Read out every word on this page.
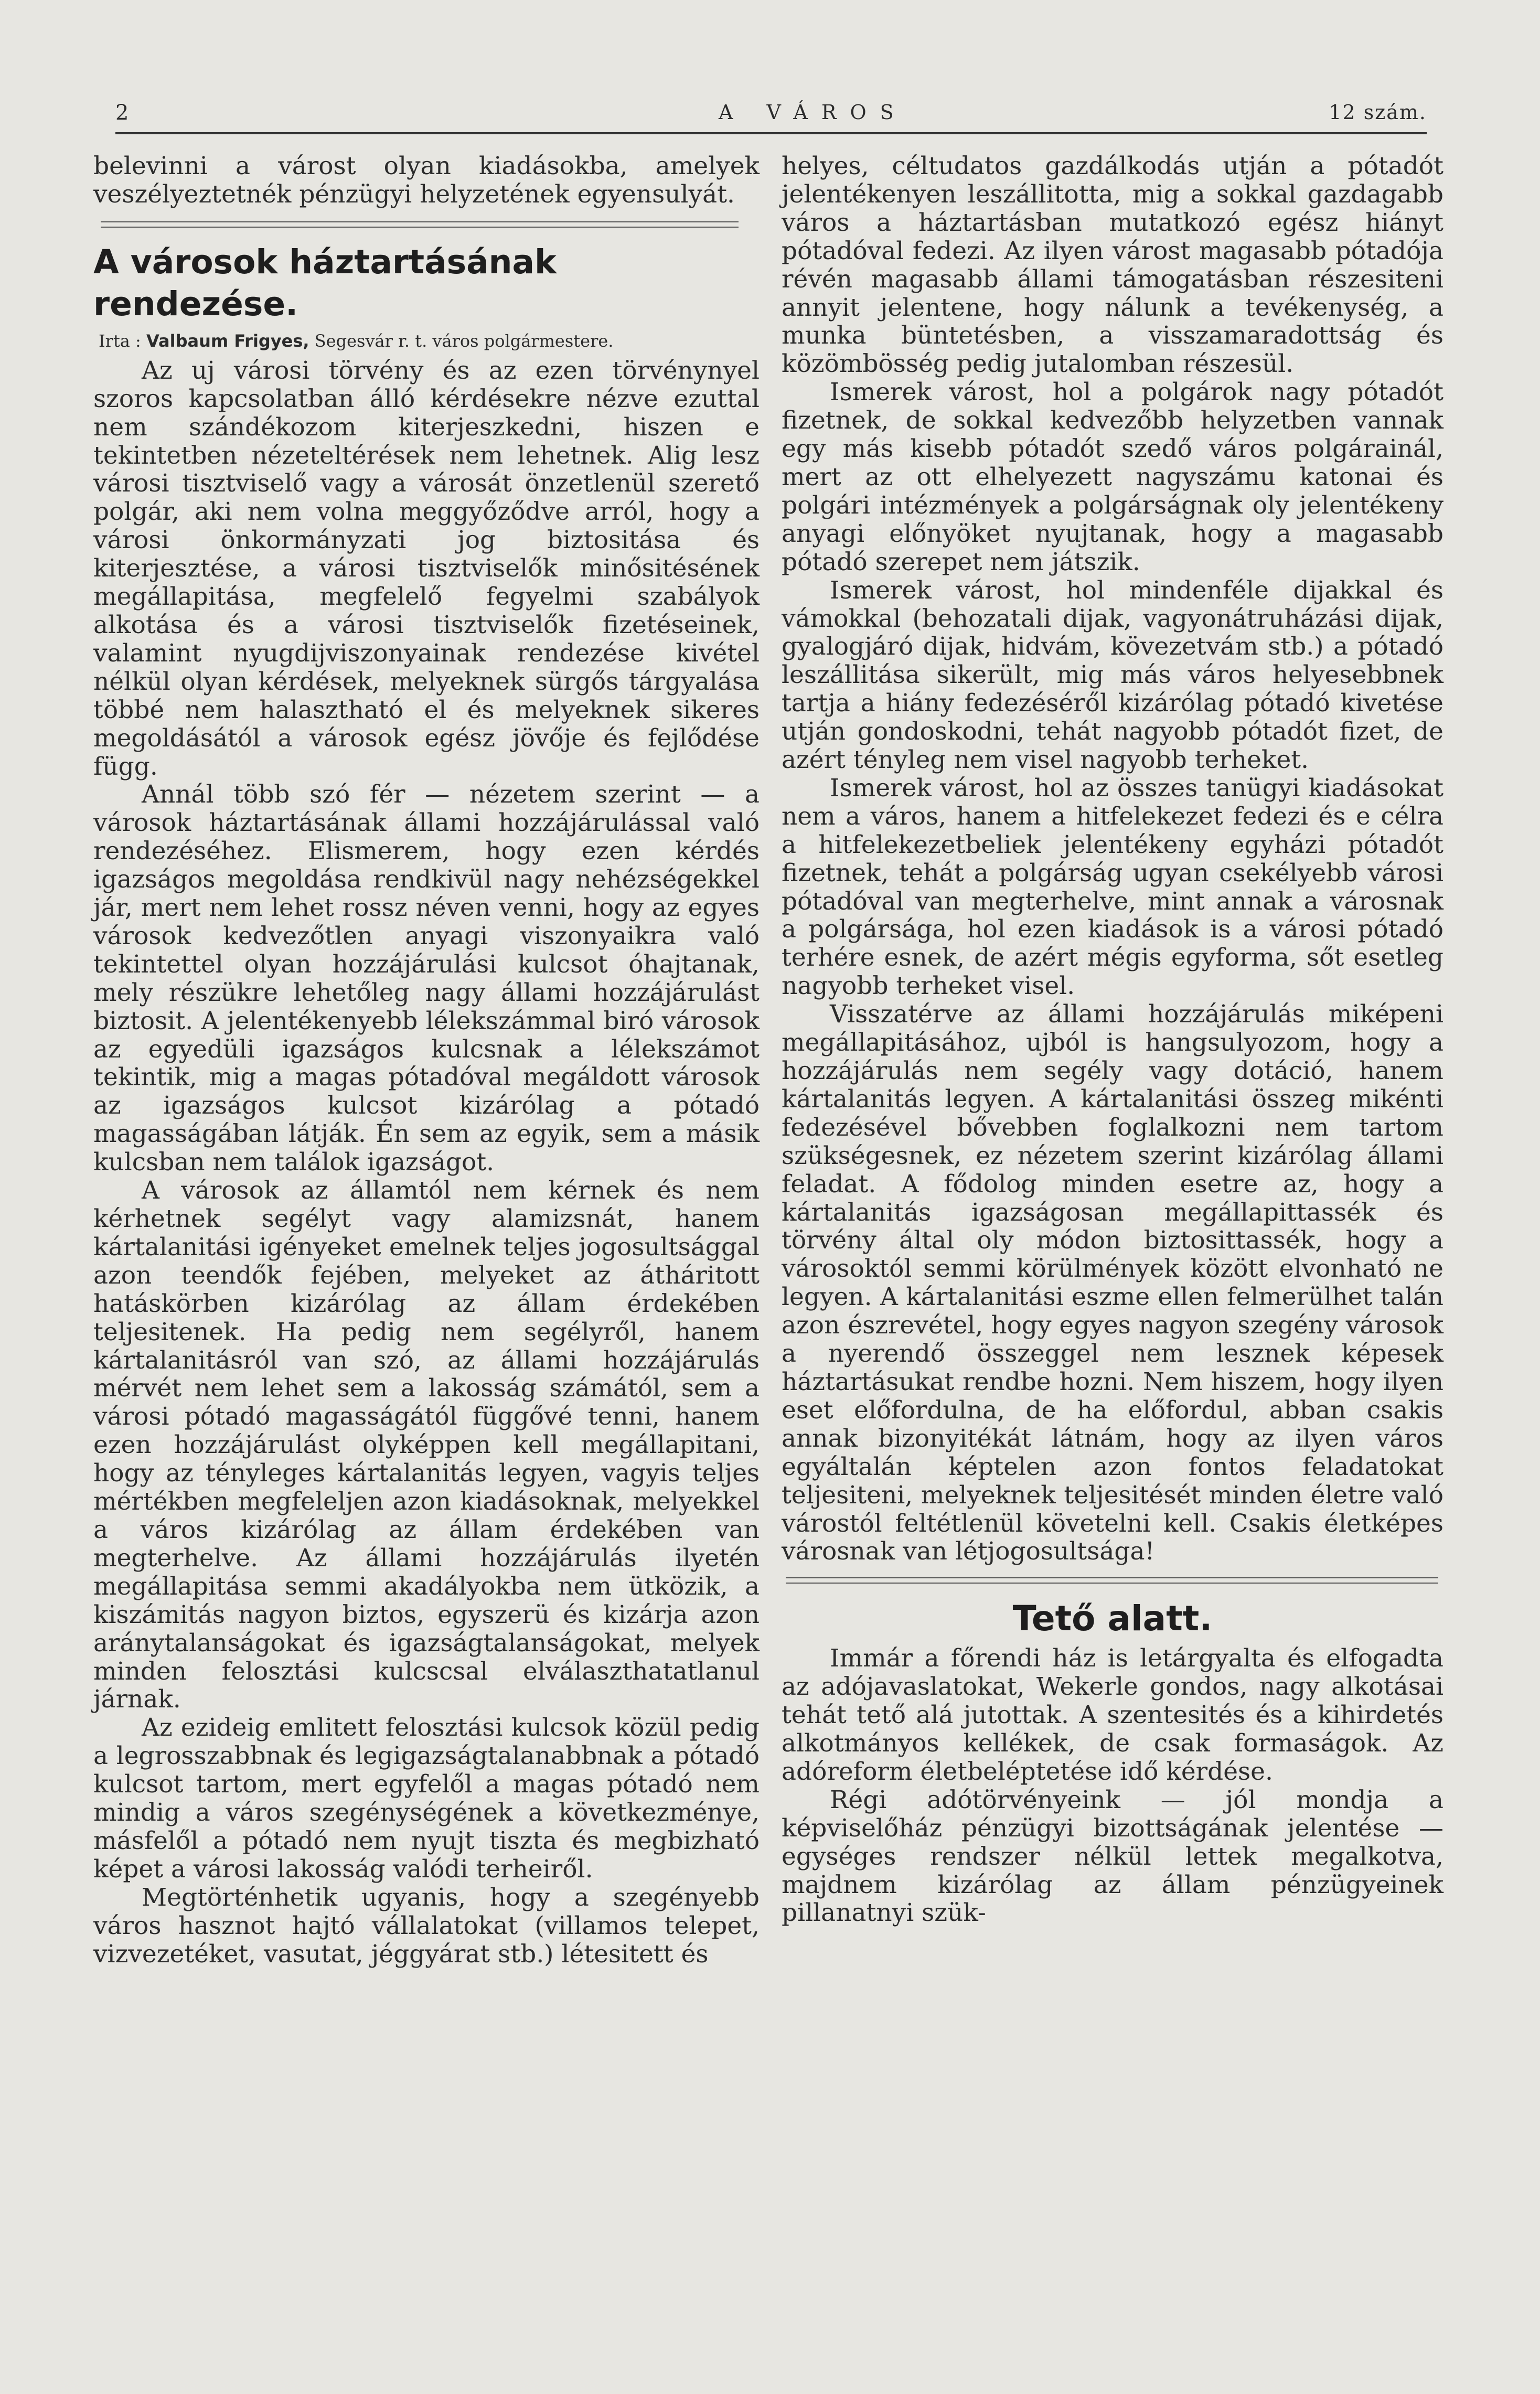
2	A VÁROS	12 szám.

belevinni a várost olyan kiadásokba, amelyek veszélyeztetnék pénzügyi helyzetének egyensulyát.

A városok háztartásának rendezése.
Irta : Valbaum Frigyes, Segesvár r. t. város polgármestere.

Az uj városi törvény és az ezen törvénynyel szoros kapcsolatban álló kérdésekre nézve ezuttal nem szándékozom kiterjeszkedni, hiszen e tekintetben nézeteltérések nem lehetnek. Alig lesz városi tisztviselő vagy a városát önzetlenül szerető polgár, aki nem volna meggyőződve arról, hogy a városi önkormányzati jog biztositása és kiterjesztése, a városi tisztviselők minősitésének megállapitása, megfelelő fegyelmi szabályok alkotása és a városi tisztviselők fizetéseinek, valamint nyugdijviszonyainak rendezése kivétel nélkül olyan kérdések, melyeknek sürgős tárgyalása többé nem halasztható el és melyeknek sikeres megoldásától a városok egész jövője és fejlődése függ.

Annál több szó fér — nézetem szerint — a városok háztartásának állami hozzájárulással való rendezéséhez. Elismerem, hogy ezen kérdés igazságos megoldása rendkivül nagy nehézségekkel jár, mert nem lehet rossz néven venni, hogy az egyes városok kedvezőtlen anyagi viszonyaikra való tekintettel olyan hozzájárulási kulcsot óhajtanak, mely részükre lehetőleg nagy állami hozzájárulást biztosit. A jelentékenyebb lélekszámmal biró városok az egyedüli igazságos kulcsnak a lélekszámot tekintik, mig a magas pótadóval megáldott városok az igazságos kulcsot kizárólag a pótadó magasságában látják. Én sem az egyik, sem a másik kulcsban nem találok igazságot.

A városok az államtól nem kérnek és nem kérhetnek segélyt vagy alamizsnát, hanem kártalanitási igényeket emelnek teljes jogosultsággal azon teendők fejében, melyeket az átháritott hatáskörben kizárólag az állam érdekében teljesitenek. Ha pedig nem segélyről, hanem kártalanitásról van szó, az állami hozzájárulás mérvét nem lehet sem a lakosság számától, sem a városi pótadó magasságától függővé tenni, hanem ezen hozzájárulást olyképpen kell megállapitani, hogy az tényleges kártalanitás legyen, vagyis teljes mértékben megfeleljen azon kiadásoknak, melyekkel a város kizárólag az állam érdekében van megterhelve. Az állami hozzájárulás ilyetén megállapitása semmi akadályokba nem ütközik, a kiszámitás nagyon biztos, egyszerü és kizárja azon aránytalanságokat és igazságtalanságokat, melyek minden felosztási kulcscsal elválaszthatatlanul járnak.

Az ezideig emlitett felosztási kulcsok közül pedig a legrosszabbnak és legigazságtalanabbnak a pótadó kulcsot tartom, mert egyfelől a magas pótadó nem mindig a város szegénységének a következménye, másfelől a pótadó nem nyujt tiszta és megbizható képet a városi lakosság valódi terheiről.

Megtörténhetik ugyanis, hogy a szegényebb város hasznot hajtó vállalatokat (villamos telepet, vizvezetéket, vasutat, jéggyárat stb.) létesitett és

helyes, céltudatos gazdálkodás utján a pótadót jelentékenyen leszállitotta, mig a sokkal gazdagabb város a háztartásban mutatkozó egész hiányt pótadóval fedezi. Az ilyen várost magasabb pótadója révén magasabb állami támogatásban részesiteni annyit jelentene, hogy nálunk a tevékenység, a munka büntetésben, a visszamaradottság és közömbösség pedig jutalomban részesül.

Ismerek várost, hol a polgárok nagy pótadót fizetnek, de sokkal kedvezőbb helyzetben vannak egy más kisebb pótadót szedő város polgárainál, mert az ott elhelyezett nagyszámu katonai és polgári intézmények a polgárságnak oly jelentékeny anyagi előnyöket nyujtanak, hogy a magasabb pótadó szerepet nem játszik.

Ismerek várost, hol mindenféle dijakkal és vámokkal (behozatali dijak, vagyonátruházási dijak, gyalogjáró dijak, hidvám, kövezetvám stb.) a pótadó leszállitása sikerült, mig más város helyesebbnek tartja a hiány fedezéséről kizárólag pótadó kivetése utján gondoskodni, tehát nagyobb pótadót fizet, de azért tényleg nem visel nagyobb terheket.

Ismerek várost, hol az összes tanügyi kiadásokat nem a város, hanem a hitfelekezet fedezi és e célra a hitfelekezetbeliek jelentékeny egyházi pótadót fizetnek, tehát a polgárság ugyan csekélyebb városi pótadóval van megterhelve, mint annak a városnak a polgársága, hol ezen kiadások is a városi pótadó terhére esnek, de azért mégis egyforma, sőt esetleg nagyobb terheket visel.

Visszatérve az állami hozzájárulás miképeni megállapitásához, ujból is hangsulyozom, hogy a hozzájárulás nem segély vagy dotáció, hanem kártalanitás legyen. A kártalanitási összeg mikénti fedezésével bővebben foglalkozni nem tartom szükségesnek, ez nézetem szerint kizárólag állami feladat. A fődolog minden esetre az, hogy a kártalanitás igazságosan megállapittassék és törvény által oly módon biztosittassék, hogy a városoktól semmi körülmények között elvonható ne legyen. A kártalanitási eszme ellen felmerülhet talán azon észrevétel, hogy egyes nagyon szegény városok a nyerendő összeggel nem lesznek képesek háztartásukat rendbe hozni. Nem hiszem, hogy ilyen eset előfordulna, de ha előfordul, abban csakis annak bizonyitékát látnám, hogy az ilyen város egyáltalán képtelen azon fontos feladatokat teljesiteni, melyeknek teljesitését minden életre való várostól feltétlenül követelni kell. Csakis életképes városnak van létjogosultsága!

Tető alatt.

Immár a főrendi ház is letárgyalta és elfogadta az adójavaslatokat, Wekerle gondos, nagy alkotásai tehát tető alá jutottak. A szentesités és a kihirdetés alkotmányos kellékek, de csak formaságok. Az adóreform életbeléptetése idő kérdése.

Régi adótörvényeink — jól mondja a képviselőház pénzügyi bizottságának jelentése — egységes rendszer nélkül lettek megalkotva, majdnem kizárólag az állam pénzügyeinek pillanatnyi szük-
